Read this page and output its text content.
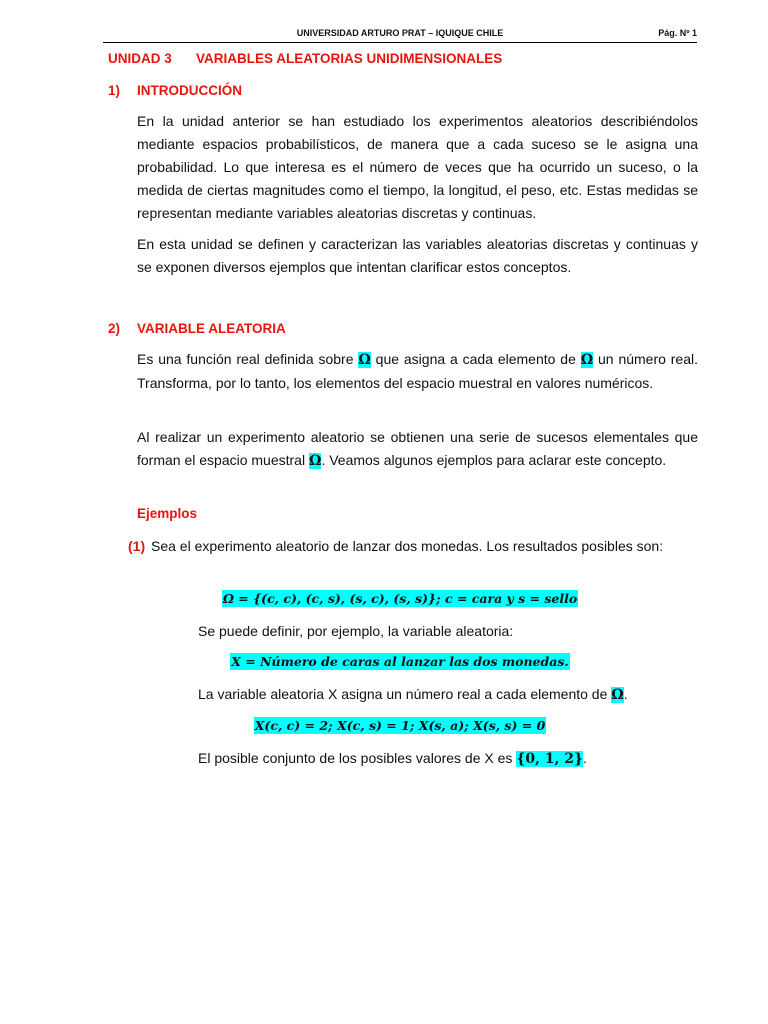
UNIVERSIDAD ARTURO PRAT – IQUIQUE CHILE	Pág. Nº 1
UNIDAD 3 VARIABLES ALEATORIAS UNIDIMENSIONALES
1) INTRODUCCIÓN

En la unidad anterior se han estudiado los experimentos aleatorios describiéndolos mediante espacios probabilísticos, de manera que a cada suceso se le asigna una probabilidad. Lo que interesa es el número de veces que ha ocurrido un suceso, o la medida de ciertas magnitudes como el tiempo, la longitud, el peso, etc. Estas medidas se representan mediante variables aleatorias discretas y continuas.

En esta unidad se definen y caracterizan las variables aleatorias discretas y continuas y se exponen diversos ejemplos que intentan clarificar estos conceptos.

2) VARIABLE ALEATORIA

Es una función real definida sobre Ω que asigna a cada elemento de Ω un número real. Transforma, por lo tanto, los elementos del espacio muestral en valores numéricos.

Al realizar un experimento aleatorio se obtienen una serie de sucesos elementales que forman el espacio muestral Ω. Veamos algunos ejemplos para aclarar este concepto.

Ejemplos
(1) Sea el experimento aleatorio de lanzar dos monedas. Los resultados posibles son:

Ω = {(c, c), (c, s), (s, c), (s, s)}; c = cara y s = sello
Se puede definir, por ejemplo, la variable aleatoria:
X = Número de caras al lanzar las dos monedas.
La variable aleatoria X asigna un número real a cada elemento de Ω.
X(c, c) = 2; X(c, s) = 1; X(s, a); X(s, s) = 0
El posible conjunto de los posibles valores de X es {0, 1, 2}.
